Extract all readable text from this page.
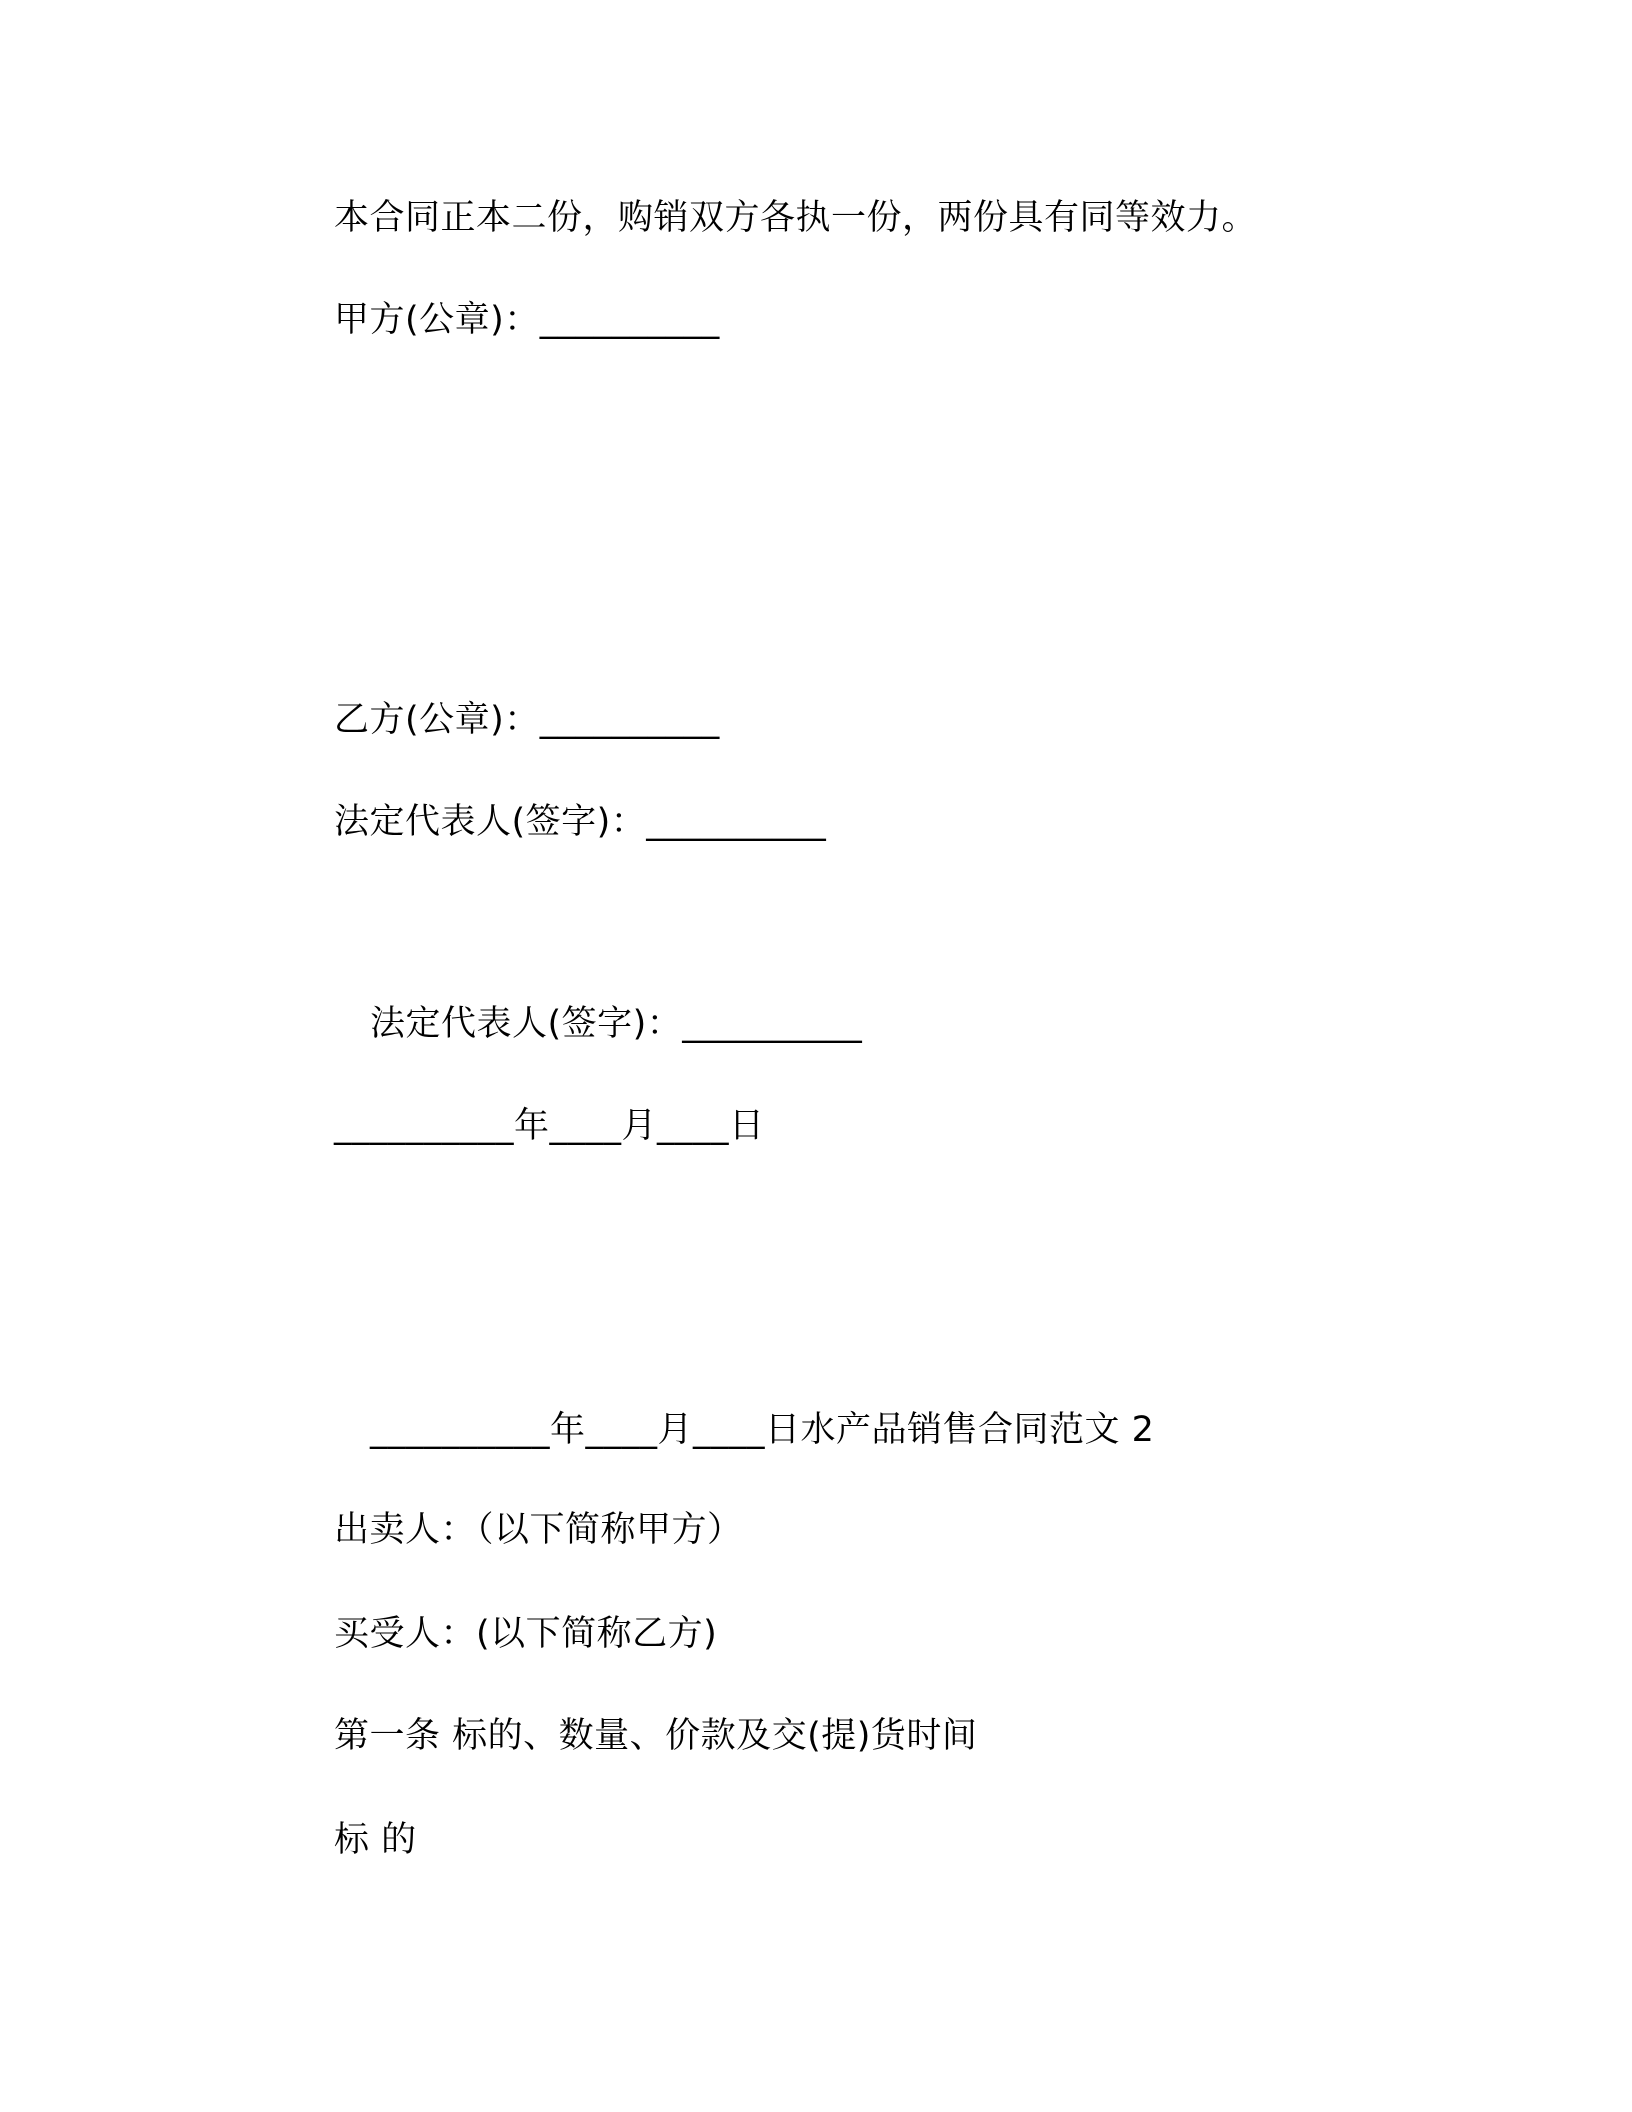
本合同正本二份，购销双方各执一份，两份具有同等效力。
甲方(公章)：__________
乙方(公章)：__________
法定代表人(签字)：__________
法定代表人(签字)：__________
__________年____月____日
__________年____月____日水产品销售合同范文 2
出卖人：（以下简称甲方）
买受人：(以下简称乙方)
第一条 标的、数量、价款及交(提)货时间
标 的
